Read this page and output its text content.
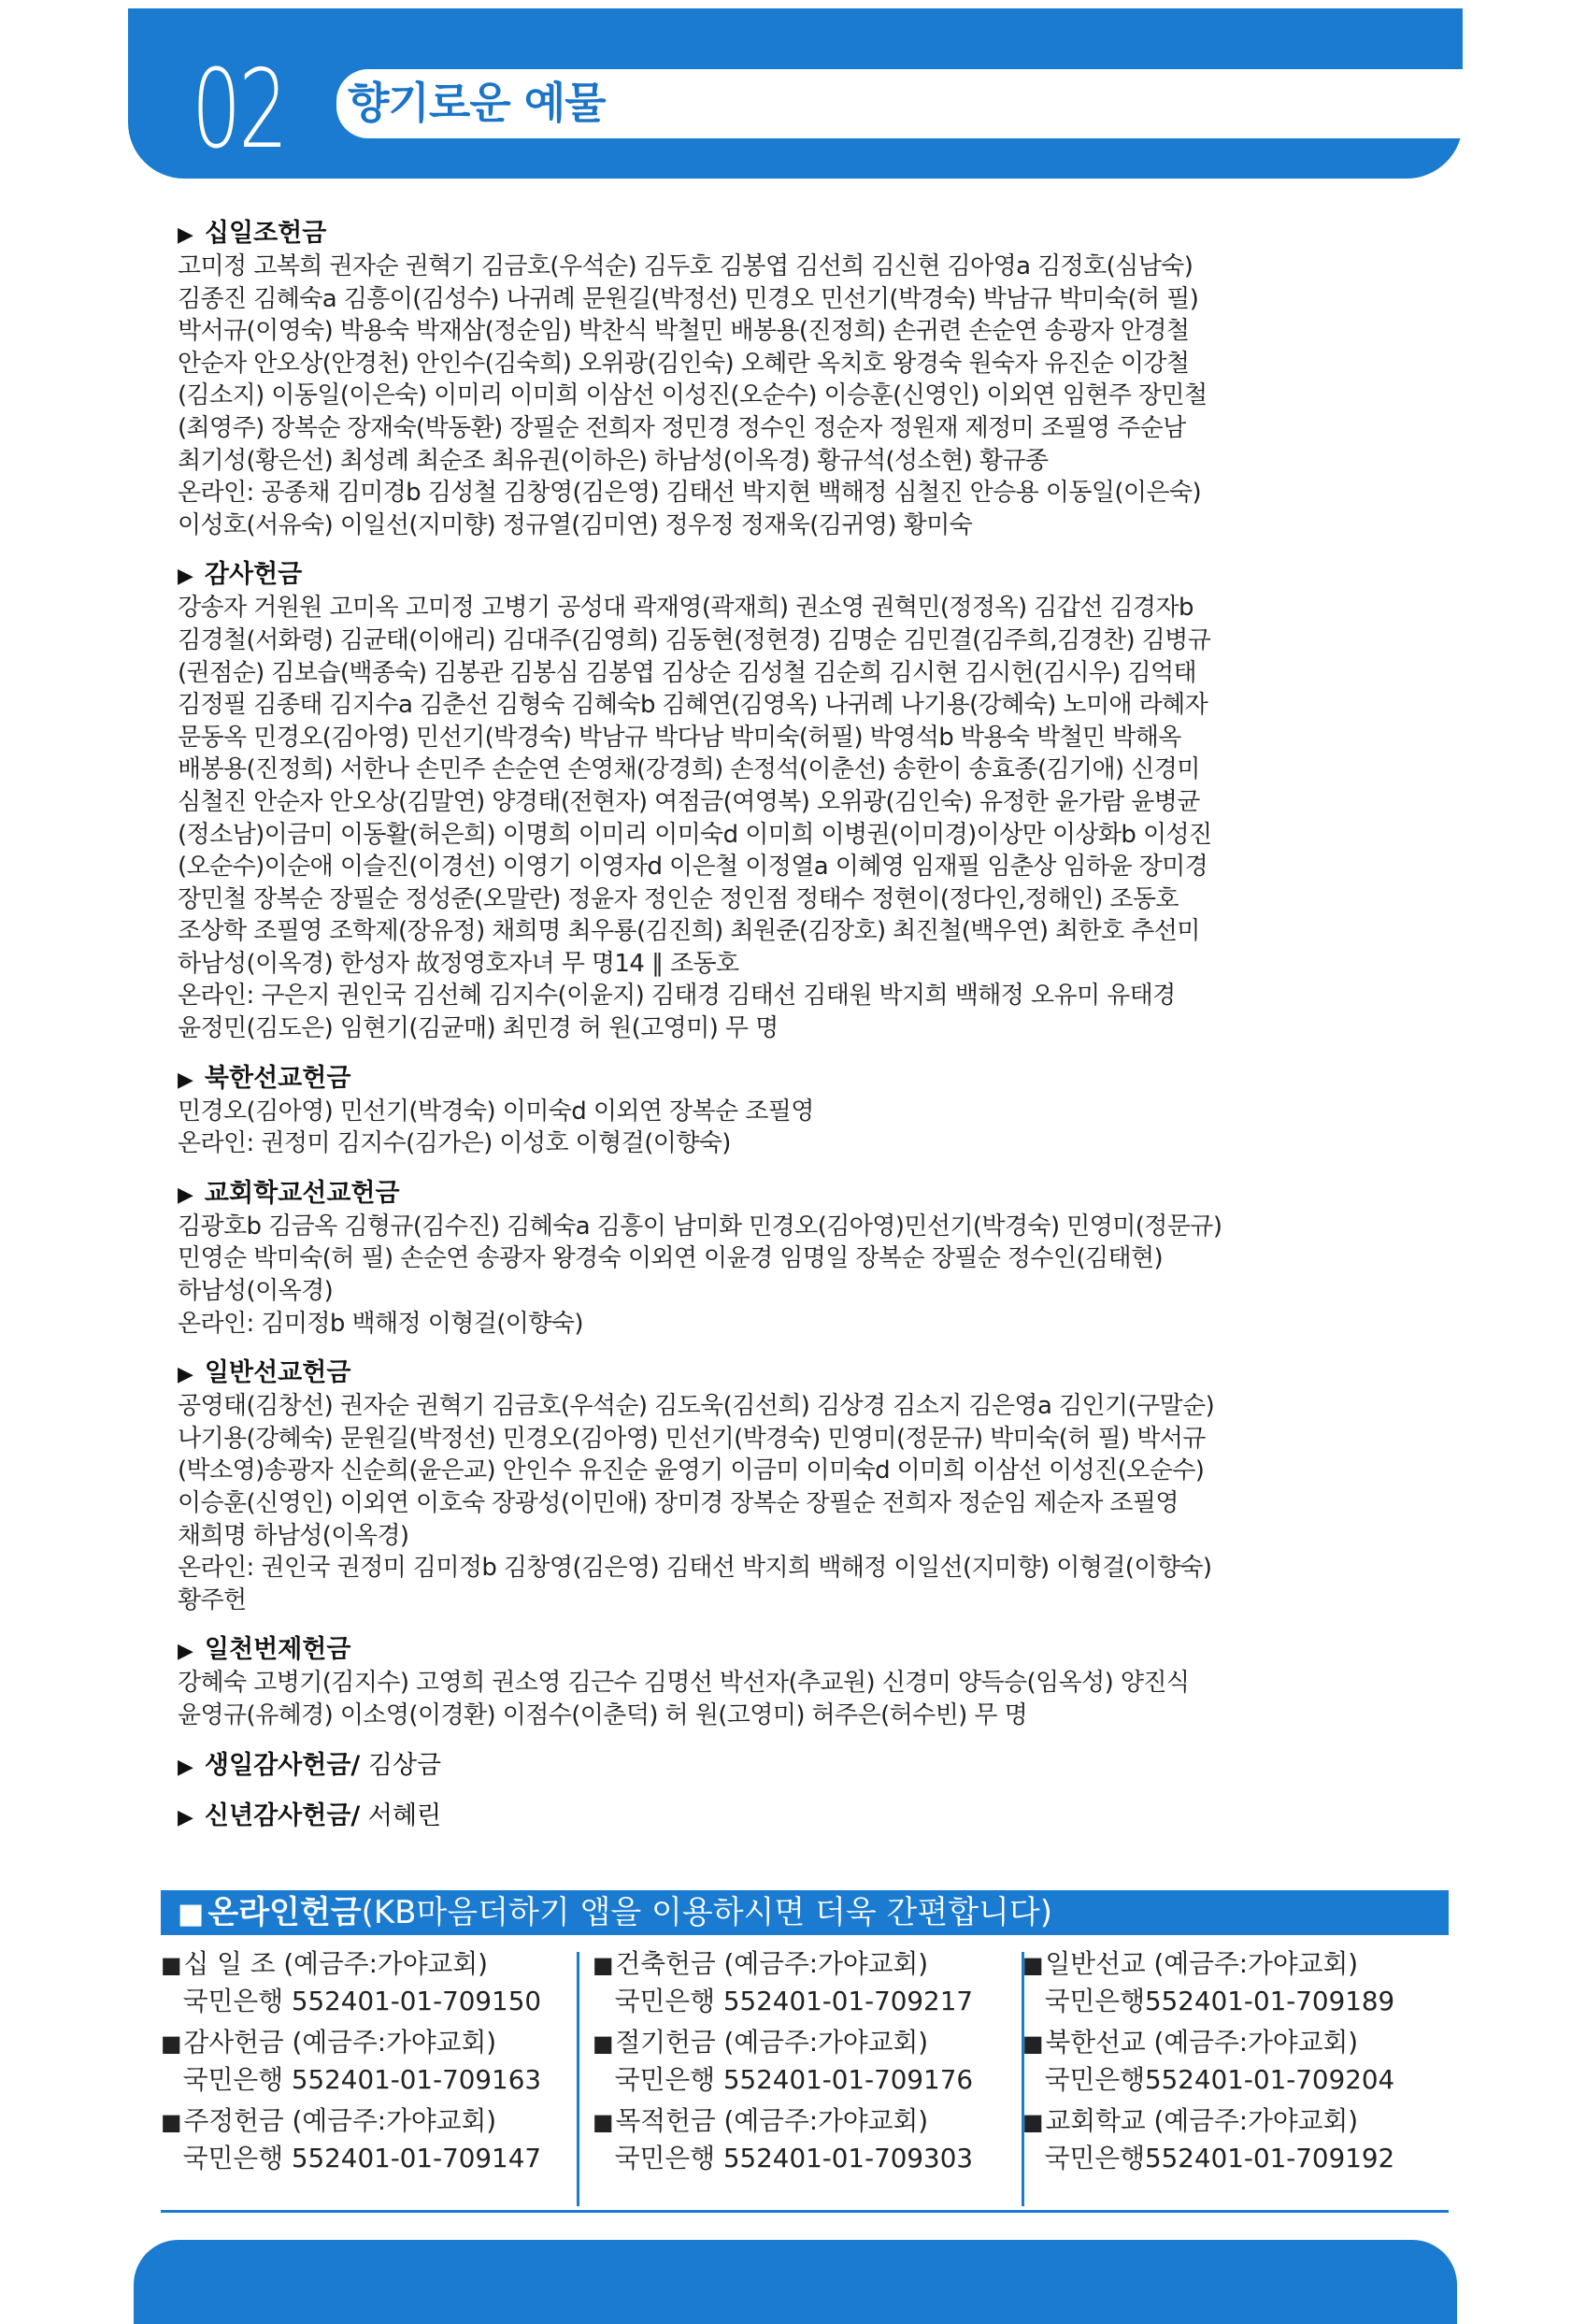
02	향기로운 예물
▶ 십일조헌금
고미정 고복희 권자순 권혁기 김금호(우석순) 김두호 김봉엽 김선희 김신현 김아영a 김정호(심남숙)
김종진 김혜숙a 김흥이(김성수) 나귀례 문원길(박정선) 민경오 민선기(박경숙) 박남규 박미숙(허 필)
박서규(이영숙) 박용숙 박재삼(정순임) 박찬식 박철민 배봉용(진정희) 손귀련 손순연 송광자 안경철
안순자 안오상(안경천) 안인수(김숙희) 오위광(김인숙) 오혜란 옥치호 왕경숙 원숙자 유진순 이강철
(김소지) 이동일(이은숙) 이미리 이미희 이삼선 이성진(오순수) 이승훈(신영인) 이외연 임현주 장민철
(최영주) 장복순 장재숙(박동환) 장필순 전희자 정민경 정수인 정순자 정원재 제정미 조필영 주순남
최기성(황은선) 최성례 최순조 최유권(이하은) 하남성(이옥경) 황규석(성소현) 황규종
온라인: 공종채 김미경b 김성철 김창영(김은영) 김태선 박지현 백해정 심철진 안승용 이동일(이은숙)
이성호(서유숙) 이일선(지미향) 정규열(김미연) 정우정 정재욱(김귀영) 황미숙
▶ 감사헌금
강송자 거원원 고미옥 고미정 고병기 공성대 곽재영(곽재희) 권소영 권혁민(정정옥) 김갑선 김경자b
김경철(서화령) 김균태(이애리) 김대주(김영희) 김동현(정현경) 김명순 김민결(김주희,김경찬) 김병규
(권점순) 김보습(백종숙) 김봉관 김봉심 김봉엽 김상순 김성철 김순희 김시현 김시헌(김시우) 김억태
김정필 김종태 김지수a 김춘선 김형숙 김혜숙b 김혜연(김영옥) 나귀례 나기용(강혜숙) 노미애 라혜자
문동옥 민경오(김아영) 민선기(박경숙) 박남규 박다남 박미숙(허필) 박영석b 박용숙 박철민 박해옥
배봉용(진정희) 서한나 손민주 손순연 손영채(강경희) 손정석(이춘선) 송한이 송효종(김기애) 신경미
심철진 안순자 안오상(김말연) 양경태(전현자) 여점금(여영복) 오위광(김인숙) 유정한 윤가람 윤병균
(정소남)이금미 이동활(허은희) 이명희 이미리 이미숙d 이미희 이병권(이미경)이상만 이상화b 이성진
(오순수)이순애 이슬진(이경선) 이영기 이영자d 이은철 이정열a 이혜영 임재필 임춘상 임하윤 장미경
장민철 장복순 장필순 정성준(오말란) 정윤자 정인순 정인점 정태수 정현이(정다인,정해인) 조동호
조상학 조필영 조학제(장유정) 채희명 최우룡(김진희) 최원준(김장호) 최진철(백우연) 최한호 추선미
하남성(이옥경) 한성자 故정영호자녀 무 명14 ∥ 조동호
온라인: 구은지 권인국 김선혜 김지수(이윤지) 김태경 김태선 김태원 박지희 백해정 오유미 유태경
윤정민(김도은) 임현기(김균매) 최민경 허 원(고영미) 무 명
▶ 북한선교헌금
민경오(김아영) 민선기(박경숙) 이미숙d 이외연 장복순 조필영
온라인: 권정미 김지수(김가은) 이성호 이형걸(이향숙)
▶ 교회학교선교헌금
김광호b 김금옥 김형규(김수진) 김혜숙a 김흥이 남미화 민경오(김아영)민선기(박경숙) 민영미(정문규)
민영순 박미숙(허 필) 손순연 송광자 왕경숙 이외연 이윤경 임명일 장복순 장필순 정수인(김태현)
하남성(이옥경)
온라인: 김미정b 백해정 이형걸(이향숙)
▶ 일반선교헌금
공영태(김창선) 권자순 권혁기 김금호(우석순) 김도욱(김선희) 김상경 김소지 김은영a 김인기(구말순)
나기용(강혜숙) 문원길(박정선) 민경오(김아영) 민선기(박경숙) 민영미(정문규) 박미숙(허 필) 박서규
(박소영)송광자 신순희(윤은교) 안인수 유진순 윤영기 이금미 이미숙d 이미희 이삼선 이성진(오순수)
이승훈(신영인) 이외연 이호숙 장광성(이민애) 장미경 장복순 장필순 전희자 정순임 제순자 조필영
채희명 하남성(이옥경)
온라인: 권인국 권정미 김미정b 김창영(김은영) 김태선 박지희 백해정 이일선(지미향) 이형걸(이향숙)
황주헌
▶ 일천번제헌금
강혜숙 고병기(김지수) 고영희 권소영 김근수 김명선 박선자(추교원) 신경미 양득승(임옥성) 양진식
윤영규(유혜경) 이소영(이경환) 이점수(이춘덕) 허 원(고영미) 허주은(허수빈) 무 명
▶ 생일감사헌금/ 김상금
▶ 신년감사헌금/ 서혜린
■ 온라인헌금(KB마음더하기 앱을 이용하시면 더욱 간편합니다)
■십 일 조 (예금주:가야교회)
국민은행 552401-01-709150
■감사헌금 (예금주:가야교회)
국민은행 552401-01-709163
■주정헌금 (예금주:가야교회)
국민은행 552401-01-709147
■건축헌금 (예금주:가야교회)
국민은행 552401-01-709217
■절기헌금 (예금주:가야교회)
국민은행 552401-01-709176
■목적헌금 (예금주:가야교회)
국민은행 552401-01-709303
■일반선교 (예금주:가야교회)
국민은행552401-01-709189
■북한선교 (예금주:가야교회)
국민은행552401-01-709204
■교회학교 (예금주:가야교회)
국민은행552401-01-709192
